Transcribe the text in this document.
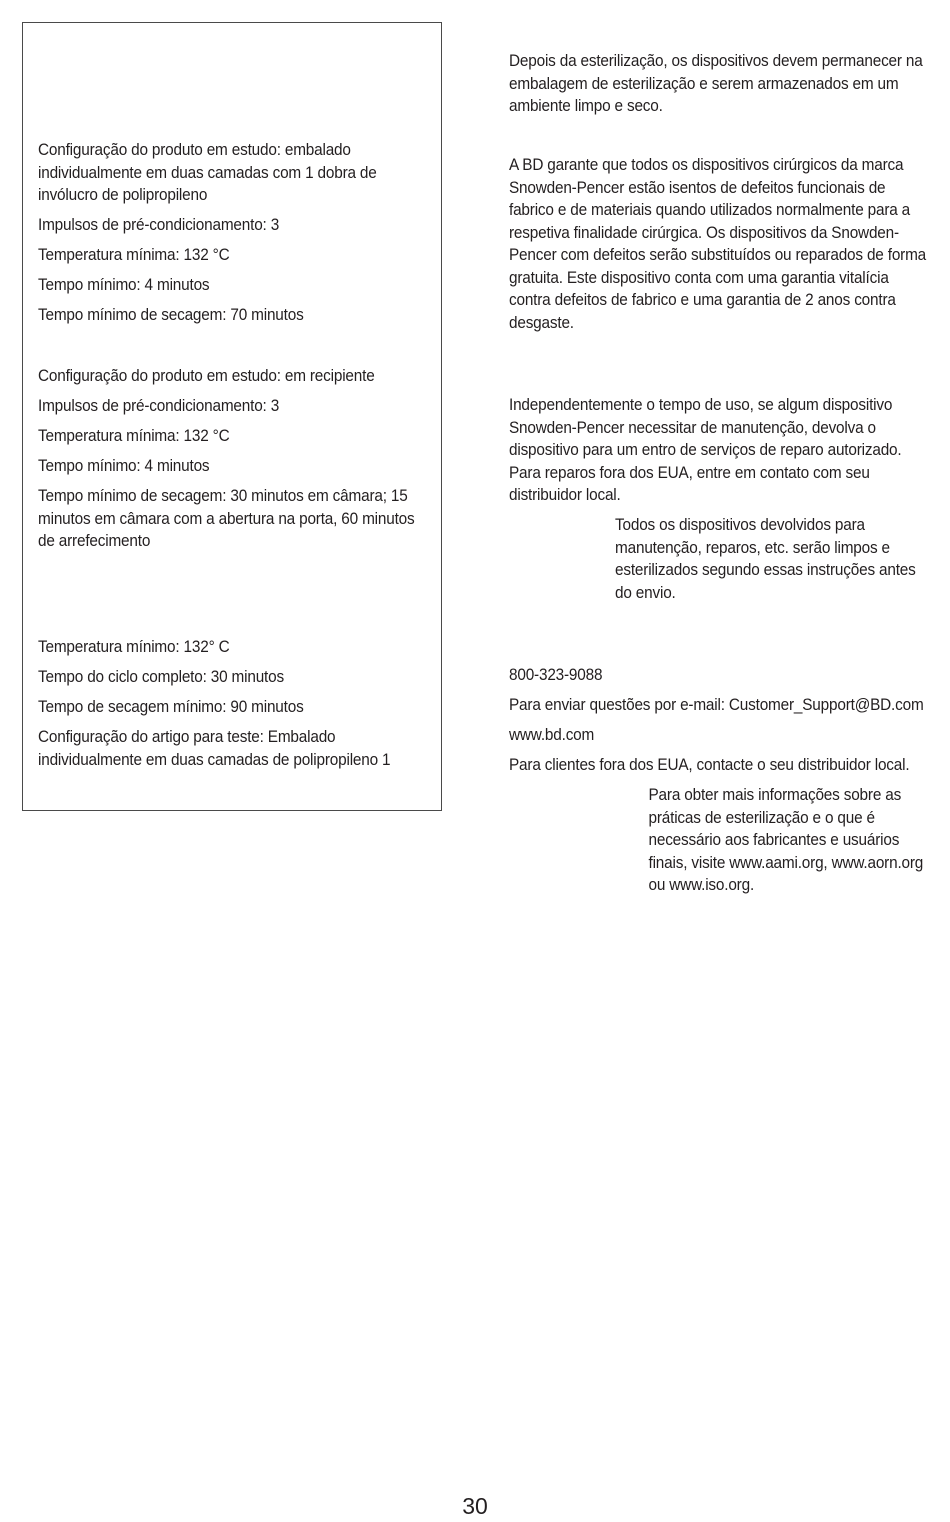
Configuração do produto em estudo: embalado individualmente em duas camadas com 1 dobra de invólucro de polipropileno

Impulsos de pré-condicionamento: 3

Temperatura mínima: 132 °C

Tempo mínimo: 4 minutos

Tempo mínimo de secagem: 70 minutos

Configuração do produto em estudo: em recipiente

Impulsos de pré-condicionamento: 3

Temperatura mínima: 132 °C

Tempo mínimo: 4 minutos

Tempo mínimo de secagem: 30 minutos em câmara; 15 minutos em câmara com a abertura na porta, 60 minutos de arrefecimento

Temperatura mínimo: 132° C

Tempo do ciclo completo: 30 minutos

Tempo de secagem mínimo: 90 minutos

Configuração do artigo para teste: Embalado individualmente em duas camadas de polipropileno 1

Depois da esterilização, os dispositivos devem permanecer na embalagem de esterilização e serem armazenados em um ambiente limpo e seco.

A BD garante que todos os dispositivos cirúrgicos da marca Snowden-Pencer estão isentos de defeitos funcionais de fabrico e de materiais quando utilizados normalmente para a respetiva finalidade cirúrgica. Os dispositivos da Snowden-Pencer com defeitos serão substituídos ou reparados de forma gratuita. Este dispositivo conta com uma garantia vitalícia contra defeitos de fabrico e uma garantia de 2 anos contra desgaste.

Independentemente o tempo de uso, se algum dispositivo Snowden-Pencer necessitar de manutenção, devolva o dispositivo para um entro de serviços de reparo autorizado. Para reparos fora dos EUA, entre em contato com seu distribuidor local.

Todos os dispositivos devolvidos para manutenção, reparos, etc. serão limpos e esterilizados segundo essas instruções antes do envio.

800-323-9088

Para enviar questões por e-mail: Customer_Support@BD.com

www.bd.com

Para clientes fora dos EUA, contacte o seu distribuidor local.

Para obter mais informações sobre as práticas de esterilização e o que é necessário aos fabricantes e usuários finais, visite www.aami.org, www.aorn.org ou www.iso.org.

30
